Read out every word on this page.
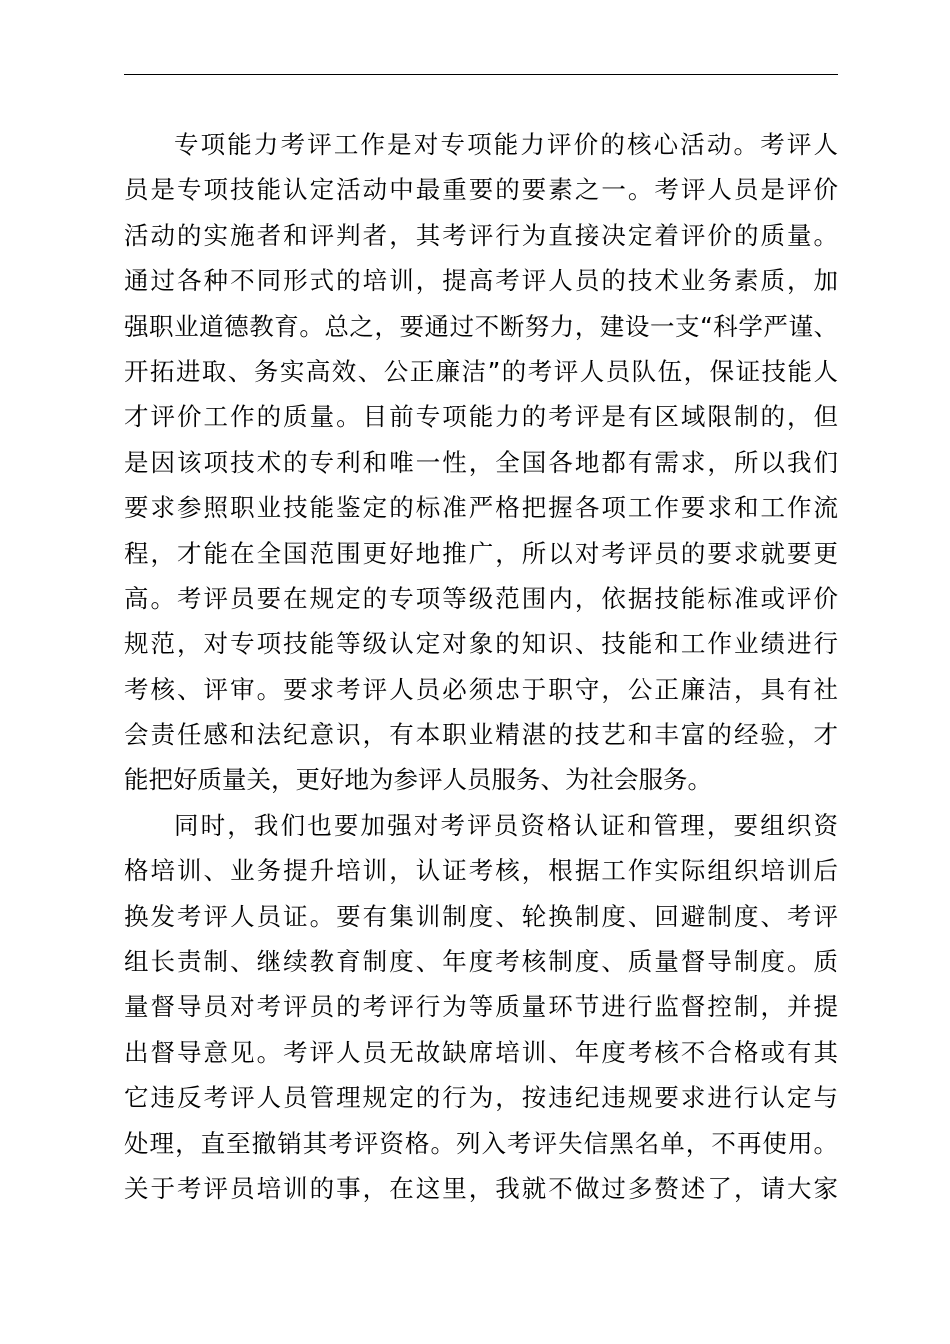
专项能力考评工作是对专项能力评价的核心活动。考评人
员是专项技能认定活动中最重要的要素之一。考评人员是评价
活动的实施者和评判者，其考评行为直接决定着评价的质量。
通过各种不同形式的培训，提高考评人员的技术业务素质，加
强职业道德教育。总之，要通过不断努力，建设一支“科学严谨、
开拓进取、务实高效、公正廉洁”的考评人员队伍，保证技能人
才评价工作的质量。目前专项能力的考评是有区域限制的，但
是因该项技术的专利和唯一性，全国各地都有需求，所以我们
要求参照职业技能鉴定的标准严格把握各项工作要求和工作流
程，才能在全国范围更好地推广，所以对考评员的要求就要更
高。考评员要在规定的专项等级范围内，依据技能标准或评价
规范，对专项技能等级认定对象的知识、技能和工作业绩进行
考核、评审。要求考评人员必须忠于职守，公正廉洁，具有社
会责任感和法纪意识，有本职业精湛的技艺和丰富的经验，才
能把好质量关，更好地为参评人员服务、为社会服务。
同时，我们也要加强对考评员资格认证和管理，要组织资
格培训、业务提升培训，认证考核，根据工作实际组织培训后
换发考评人员证。要有集训制度、轮换制度、回避制度、考评
组长责制、继续教育制度、年度考核制度、质量督导制度。质
量督导员对考评员的考评行为等质量环节进行监督控制，并提
出督导意见。考评人员无故缺席培训、年度考核不合格或有其
它违反考评人员管理规定的行为，按违纪违规要求进行认定与
处理，直至撤销其考评资格。列入考评失信黑名单，不再使用。
关于考评员培训的事，在这里，我就不做过多赘述了，请大家
